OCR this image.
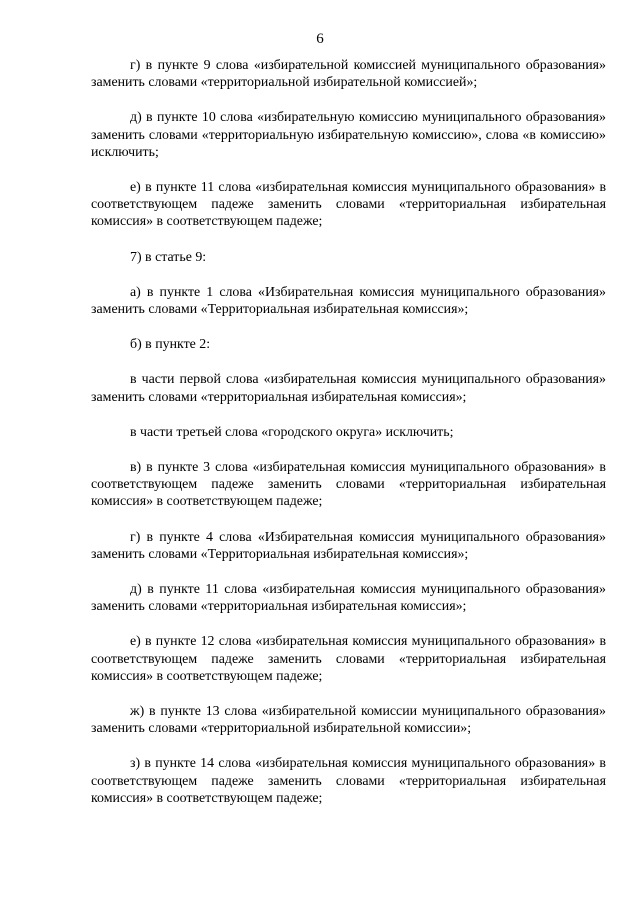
6

г) в пункте 9 слова «избирательной комиссией муниципального образования» заменить словами «территориальной избирательной комиссией»;

д) в пункте 10 слова «избирательную комиссию муниципального образования» заменить словами «территориальную избирательную комиссию», слова «в комиссию» исключить;

е) в пункте 11 слова «избирательная комиссия муниципального образования» в соответствующем падеже заменить словами «территориальная избирательная комиссия» в соответствующем падеже;

7) в статье 9:

а) в пункте 1 слова «Избирательная комиссия муниципального образования» заменить словами «Территориальная избирательная комиссия»;

б) в пункте 2:

в части первой слова «избирательная комиссия муниципального образования» заменить словами «территориальная избирательная комиссия»;

в части третьей слова «городского округа» исключить;

в) в пункте 3 слова «избирательная комиссия муниципального образования» в соответствующем падеже заменить словами «территориальная избирательная комиссия» в соответствующем падеже;

г) в пункте 4 слова «Избирательная комиссия муниципального образования» заменить словами «Территориальная избирательная комиссия»;

д) в пункте 11 слова «избирательная комиссия муниципального образования» заменить словами «территориальная избирательная комиссия»;

е) в пункте 12 слова «избирательная комиссия муниципального образования» в соответствующем падеже заменить словами «территориальная избирательная комиссия» в соответствующем падеже;

ж) в пункте 13 слова «избирательной комиссии муниципального образования» заменить словами «территориальной избирательной комиссии»;

з) в пункте 14 слова «избирательная комиссия муниципального образования» в соответствующем падеже заменить словами «территориальная избирательная комиссия» в соответствующем падеже;
